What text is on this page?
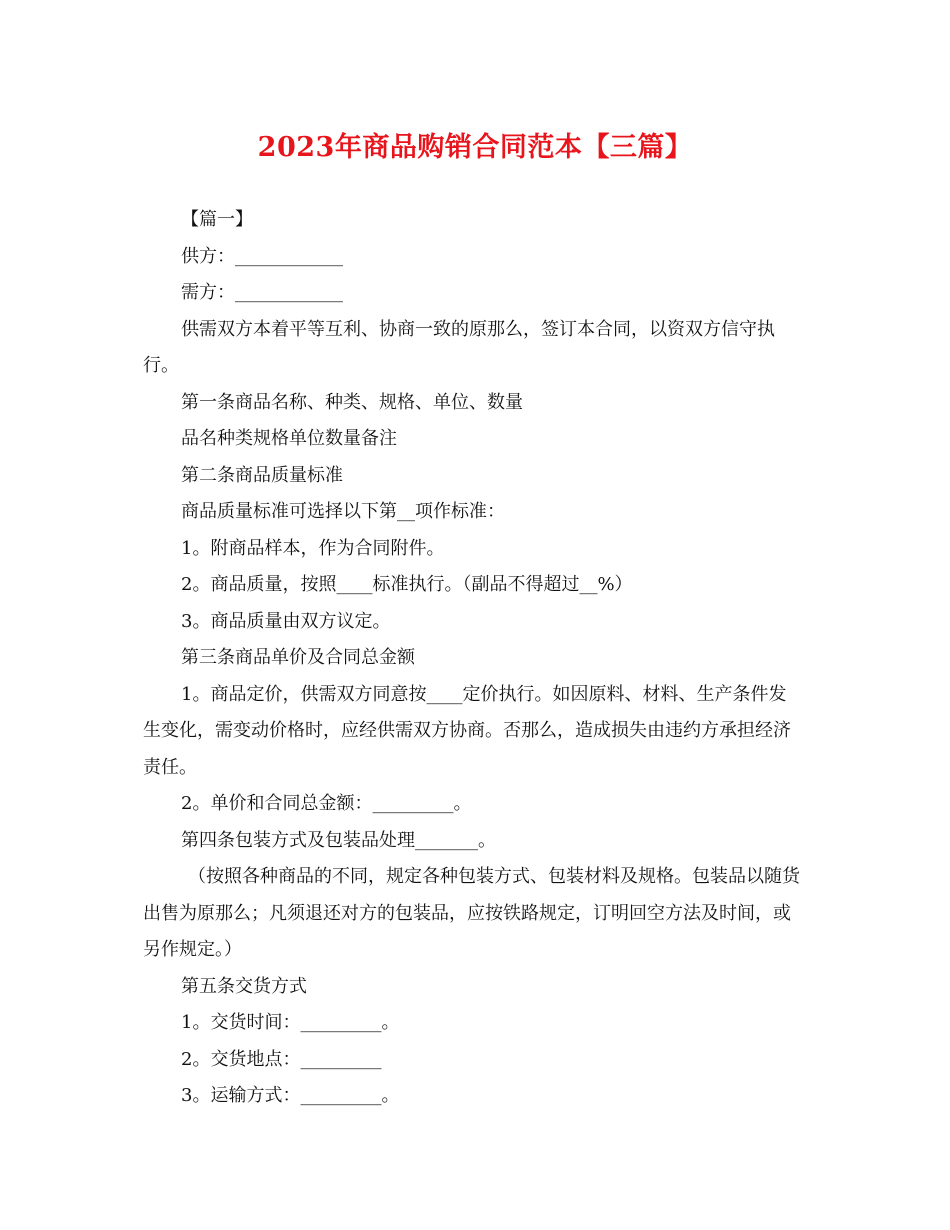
2023年商品购销合同范本【三篇】

【篇一】

供方：____________

需方：____________

供需双方本着平等互利、协商一致的原那么，签订本合同，以资双方信守执行。

第一条商品名称、种类、规格、单位、数量

品名种类规格单位数量备注

第二条商品质量标准

商品质量标准可选择以下第__项作标准：

1。附商品样本，作为合同附件。

2。商品质量，按照____标准执行。（副品不得超过__%）

3。商品质量由双方议定。

第三条商品单价及合同总金额

1。商品定价，供需双方同意按____定价执行。如因原料、材料、生产条件发生变化，需变动价格时，应经供需双方协商。否那么，造成损失由违约方承担经济责任。

2。单价和合同总金额：_________。

第四条包装方式及包装品处理_______。

（按照各种商品的不同，规定各种包装方式、包装材料及规格。包装品以随货出售为原那么；凡须退还对方的包装品，应按铁路规定，订明回空方法及时间，或另作规定。）

第五条交货方式

1。交货时间：_________。

2。交货地点：_________

3。运输方式：_________。
